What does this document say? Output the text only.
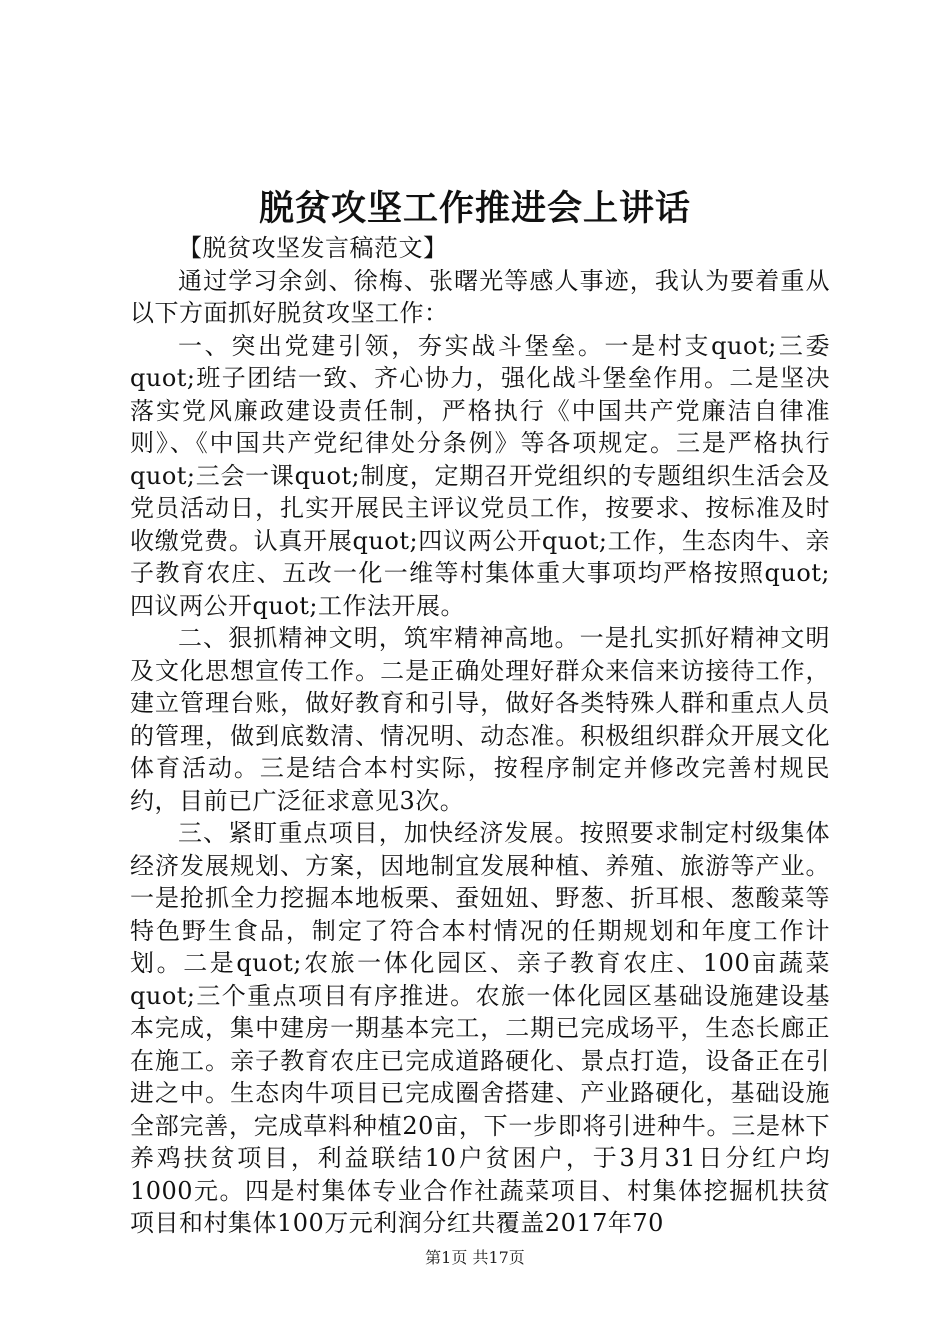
脱贫攻坚工作推进会上讲话

【脱贫攻坚发言稿范文】

通过学习余剑、徐梅、张曙光等感人事迹，我认为要着重从以下方面抓好脱贫攻坚工作：

一、突出党建引领，夯实战斗堡垒。一是村支quot;三委quot;班子团结一致、齐心协力，强化战斗堡垒作用。二是坚决落实党风廉政建设责任制，严格执行《中国共产党廉洁自律准则》、《中国共产党纪律处分条例》等各项规定。三是严格执行quot;三会一课quot;制度，定期召开党组织的专题组织生活会及党员活动日，扎实开展民主评议党员工作，按要求、按标准及时收缴党费。认真开展quot;四议两公开quot;工作，生态肉牛、亲子教育农庄、五改一化一维等村集体重大事项均严格按照quot;四议两公开quot;工作法开展。

二、狠抓精神文明，筑牢精神高地。一是扎实抓好精神文明及文化思想宣传工作。二是正确处理好群众来信来访接待工作，建立管理台账，做好教育和引导，做好各类特殊人群和重点人员的管理，做到底数清、情况明、动态准。积极组织群众开展文化体育活动。三是结合本村实际，按程序制定并修改完善村规民约，目前已广泛征求意见3次。

三、紧盯重点项目，加快经济发展。按照要求制定村级集体经济发展规划、方案，因地制宜发展种植、养殖、旅游等产业。一是抢抓全力挖掘本地板栗、蚕妞妞、野葱、折耳根、葱酸菜等特色野生食品，制定了符合本村情况的任期规划和年度工作计划。二是quot;农旅一体化园区、亲子教育农庄、100亩蔬菜quot;三个重点项目有序推进。农旅一体化园区基础设施建设基本完成，集中建房一期基本完工，二期已完成场平，生态长廊正在施工。亲子教育农庄已完成道路硬化、景点打造，设备正在引进之中。生态肉牛项目已完成圈舍搭建、产业路硬化，基础设施全部完善，完成草料种植20亩，下一步即将引进种牛。三是林下养鸡扶贫项目，利益联结10户贫困户，于3月31日分红户均1000元。四是村集体专业合作社蔬菜项目、村集体挖掘机扶贫项目和村集体100万元利润分红共覆盖2017年70

第1页 共17页
